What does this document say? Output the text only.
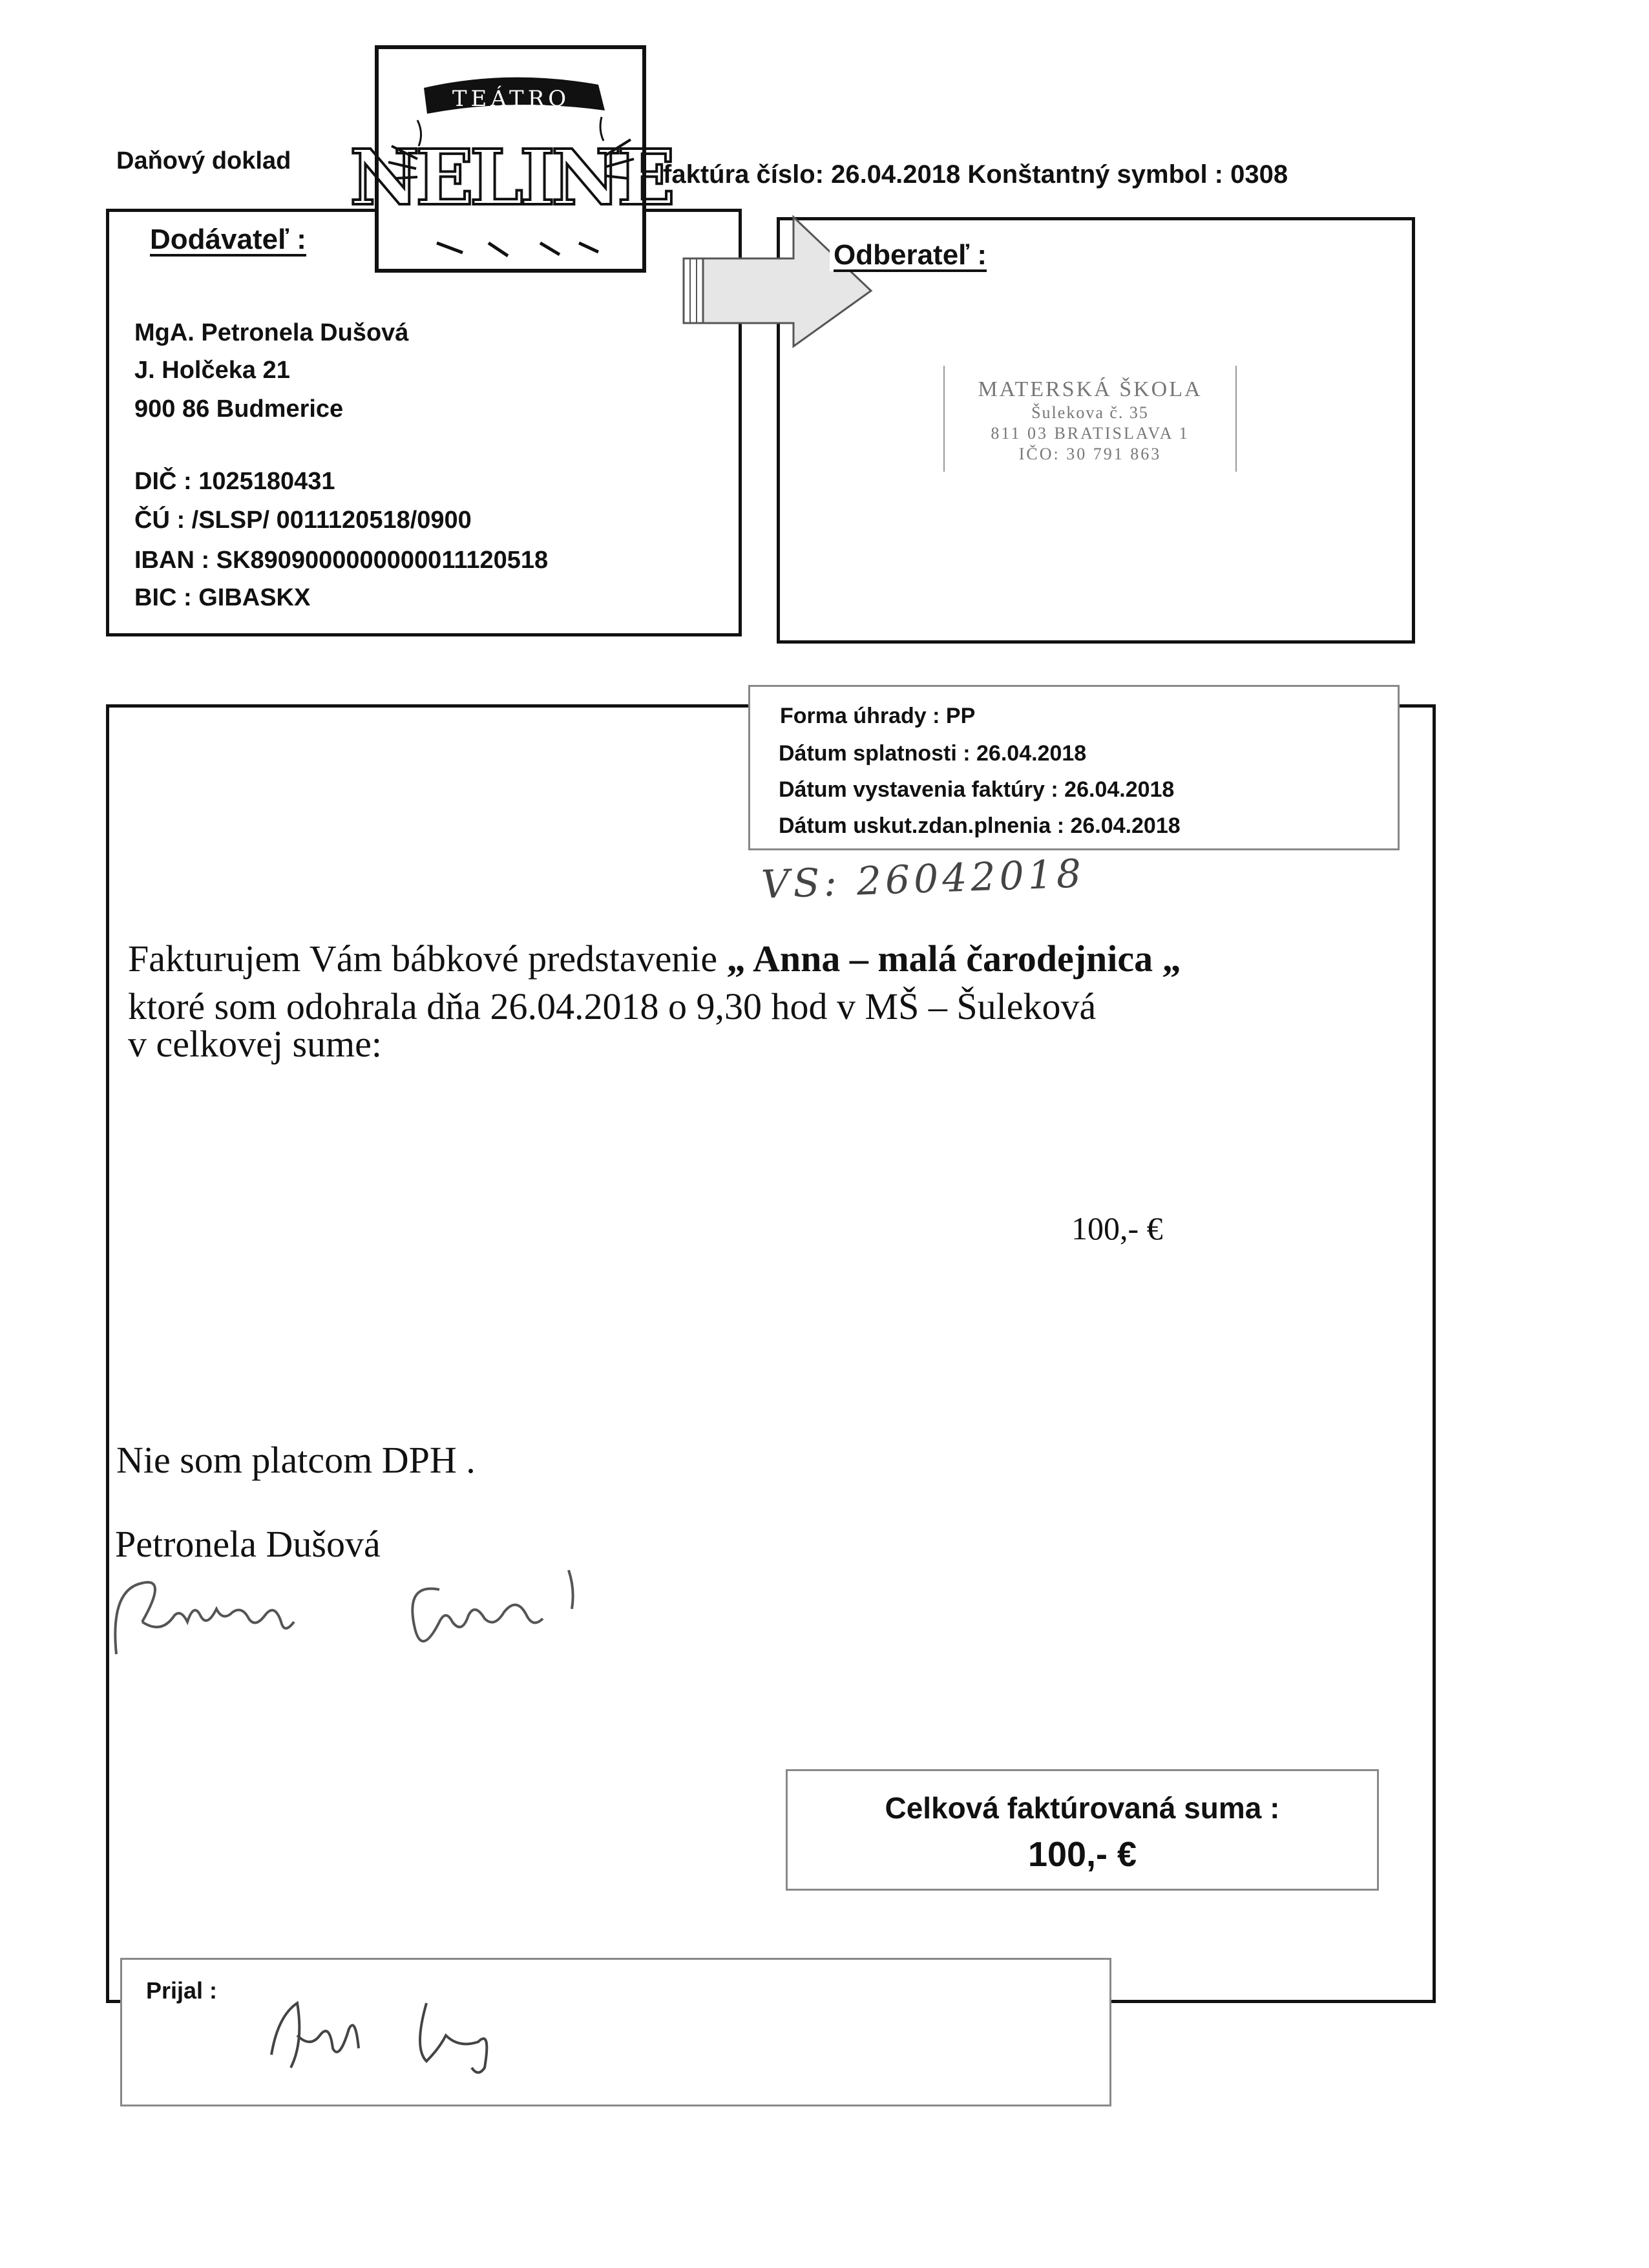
Daňový doklad	faktúra číslo: 26.04.2018 Konštantný symbol : 0308
TEÁTRO
NELINE
Dodávateľ :
MgA. Petronela Dušová
J. Holčeka 21
900 86 Budmerice
DIČ : 1025180431
ČÚ : /SLSP/ 0011120518/0900
IBAN : SK8909000000000011120518
BIC : GIBASKX
Odberateľ :
MATERSKÁ ŠKOLA
Šulekova č. 35
811 03 BRATISLAVA 1
IČO: 30 791 863
Forma úhrady : PP
Dátum splatnosti : 26.04.2018
Dátum vystavenia faktúry : 26.04.2018
Dátum uskut.zdan.plnenia : 26.04.2018
VS: 26042018
Fakturujem Vám bábkové predstavenie „ Anna – malá čarodejnica „
ktoré som odohrala dňa 26.04.2018 o 9,30 hod v MŠ – Šuleková
v celkovej sume:
100,- €
Nie som platcom DPH .
Petronela Dušová
Celková faktúrovaná suma :
100,- €
Prijal :
